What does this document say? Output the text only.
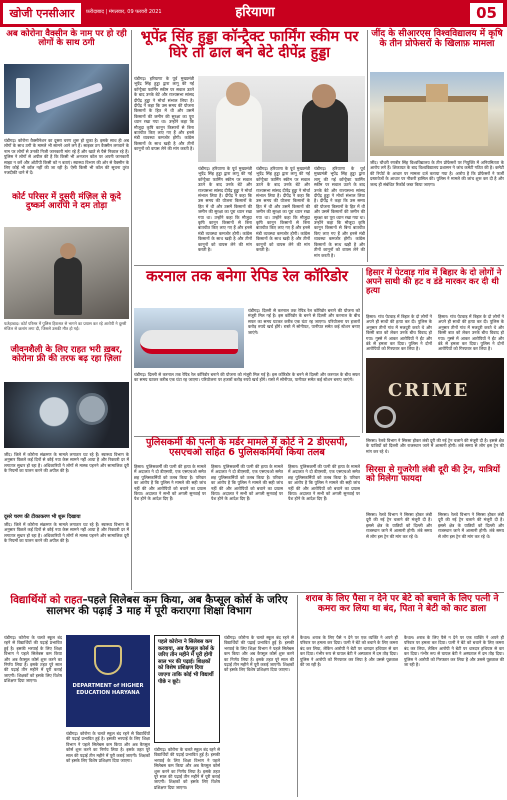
खोजी एनसीआर	फ़रीदाबाद | मंगलवार, 09 फरवरी 2021	हरियाणा	05
अब कोरोना वैक्सीन के नाम पर हो रही लोगों के साथ ठगी
चंडीगढ़। कोरोना वैक्सीनेशन का दूसरा चरण शुरू हो चुका है। इसके साथ ही अब लोगों के साथ ठगी के मामले भी सामने आने लगे हैं। साइबर ठग वैक्सीन लगवाने के नाम पर लोगों से उनकी निजी जानकारी मांग रहे हैं और खाते से पैसे निकाल रहे हैं। पुलिस ने लोगों से अपील की है कि किसी भी अनजान कॉल पर अपनी जानकारी साझा न करें और ओटीपी किसी को न बताएं। स्वास्थ्य विभाग की ओर से वैक्सीन के लिए कोई भी कॉल नहीं की जा रही है। ऐसी किसी भी कॉल की सूचना तुरंत नजदीकी थाने में दें।
कोर्ट परिसर में दूसरी मंज़िल से कूदे दुष्कर्म आरोपी ने दम तोड़ा
फतेहाबाद। कोर्ट परिसर में पुलिस हिरासत से भागने का प्रयास कर रहे आरोपी ने दूसरी मंजिल से छलांग लगा दी, जिससे उसकी मौत हो गई।
जीवनशैली के लिए राहत भरी ख़बर, कोरोना फ्री की तरफ बढ़ रहा ज़िला
जींद। जिले में कोरोना संक्रमण के मामले लगातार घट रहे हैं। स्वास्थ्य विभाग के अनुसार पिछले कई दिनों से कोई नया केस सामने नहीं आया है और रिकवरी दर में लगातार सुधार हो रहा है। अधिकारियों ने लोगों से मास्क पहनने और सामाजिक दूरी के नियमों का पालन करने की अपील की है।
दूसरे चरण की टीकाकरण भी शुरू दिखाया
जींद। जिले में कोरोना संक्रमण के मामले लगातार घट रहे हैं। स्वास्थ्य विभाग के अनुसार पिछले कई दिनों से कोई नया केस सामने नहीं आया है और रिकवरी दर में लगातार सुधार हो रहा है। अधिकारियों ने लोगों से मास्क पहनने और सामाजिक दूरी के नियमों का पालन करने की अपील की है।
भूपेंद्र सिंह हुड्डा कॉन्ट्रैक्ट फार्मिंग स्कीम पर घिरे तो ढाल बने बेटे दीपेंद्र हुड्डा
चंडीगढ़। हरियाणा के पूर्व मुख्यमंत्री भूपेंद्र सिंह हुड्डा द्वारा लागू की गई कॉन्ट्रैक्ट फार्मिंग स्कीम पर सवाल उठने के बाद उनके बेटे और राज्यसभा सांसद दीपेंद्र हुड्डा ने मोर्चा संभाल लिया है। दीपेंद्र ने कहा कि उस समय की योजना किसानों के हित में थी और उसमें किसानों की जमीन की सुरक्षा का पूरा ध्यान रखा गया था। उन्होंने कहा कि मौजूदा कृषि कानून किसानों से बिना बातचीत किए लाए गए हैं और इनसे मंडी व्यवस्था कमजोर होगी। कांग्रेस किसानों के साथ खड़ी है और तीनों कानूनों को वापस लेने की मांग करती है।
चंडीगढ़। हरियाणा के पूर्व मुख्यमंत्री भूपेंद्र सिंह हुड्डा द्वारा लागू की गई कॉन्ट्रैक्ट फार्मिंग स्कीम पर सवाल उठने के बाद उनके बेटे और राज्यसभा सांसद दीपेंद्र हुड्डा ने मोर्चा संभाल लिया है। दीपेंद्र ने कहा कि उस समय की योजना किसानों के हित में थी और उसमें किसानों की जमीन की सुरक्षा का पूरा ध्यान रखा गया था। उन्होंने कहा कि मौजूदा कृषि कानून किसानों से बिना बातचीत किए लाए गए हैं और इनसे मंडी व्यवस्था कमजोर होगी। कांग्रेस किसानों के साथ खड़ी है और तीनों कानूनों को वापस लेने की मांग करती है।
चंडीगढ़। हरियाणा के पूर्व मुख्यमंत्री भूपेंद्र सिंह हुड्डा द्वारा लागू की गई कॉन्ट्रैक्ट फार्मिंग स्कीम पर सवाल उठने के बाद उनके बेटे और राज्यसभा सांसद दीपेंद्र हुड्डा ने मोर्चा संभाल लिया है। दीपेंद्र ने कहा कि उस समय की योजना किसानों के हित में थी और उसमें किसानों की जमीन की सुरक्षा का पूरा ध्यान रखा गया था। उन्होंने कहा कि मौजूदा कृषि कानून किसानों से बिना बातचीत किए लाए गए हैं और इनसे मंडी व्यवस्था कमजोर होगी। कांग्रेस किसानों के साथ खड़ी है और तीनों कानूनों को वापस लेने की मांग करती है।
चंडीगढ़। हरियाणा के पूर्व मुख्यमंत्री भूपेंद्र सिंह हुड्डा द्वारा लागू की गई कॉन्ट्रैक्ट फार्मिंग स्कीम पर सवाल उठने के बाद उनके बेटे और राज्यसभा सांसद दीपेंद्र हुड्डा ने मोर्चा संभाल लिया है। दीपेंद्र ने कहा कि उस समय की योजना किसानों के हित में थी और उसमें किसानों की जमीन की सुरक्षा का पूरा ध्यान रखा गया था। उन्होंने कहा कि मौजूदा कृषि कानून किसानों से बिना बातचीत किए लाए गए हैं और इनसे मंडी व्यवस्था कमजोर होगी। कांग्रेस किसानों के साथ खड़ी है और तीनों कानूनों को वापस लेने की मांग करती है।
जींद के सीआरएस विश्वविद्यालय में कृषि के तीन प्रोफेसरों के खिलाफ़ मामला
जींद। चौधरी रणबीर सिंह विश्वविद्यालय के तीन प्रोफेसरों पर नियुक्ति में अनियमितता के आरोप लगे हैं। शिकायत के बाद विश्वविद्यालय प्रशासन ने जांच कमेटी गठित की है। कमेटी की रिपोर्ट के आधार पर मामला दर्ज कराया गया है। आरोप है कि प्रोफेसरों ने फर्जी दस्तावेजों के आधार पर नौकरी हासिल की। पुलिस ने मामले की जांच शुरू कर दी है और जल्द ही संबंधित रिकॉर्ड जब्त किया जाएगा।
करनाल तक बनेगा रेपिड रेल कॉरिडोर
चंडीगढ़। दिल्ली से करनाल तक रेपिड रेल कॉरिडोर बनाने की योजना को मंजूरी मिल गई है। इस कॉरिडोर के बनने से दिल्ली और करनाल के बीच सफर का समय घटकर करीब एक घंटा रह जाएगा। परियोजना पर हजारों करोड़ रुपये खर्च होंगे। रास्ते में सोनीपत, पानीपत समेत कई स्टेशन बनाए जाएंगे।
चंडीगढ़। दिल्ली से करनाल तक रेपिड रेल कॉरिडोर बनाने की योजना को मंजूरी मिल गई है। इस कॉरिडोर के बनने से दिल्ली और करनाल के बीच सफर का समय घटकर करीब एक घंटा रह जाएगा। परियोजना पर हजारों करोड़ रुपये खर्च होंगे। रास्ते में सोनीपत, पानीपत समेत कई स्टेशन बनाए जाएंगे।
हिसार में पेटवाड़ गांव में बिहार के दो लोगों ने अपने साथी की हट व डंडे मारकर कर दी थी हत्या
हिसार। गांव पेटवाड़ में बिहार के दो लोगों ने अपने ही साथी की हत्या कर दी। पुलिस के अनुसार तीनों गांव में मजदूरी करते थे और किसी बात को लेकर उनके बीच विवाद हो गया। गुस्से में आकर आरोपियों ने ईंट और डंडे से हमला कर दिया। पुलिस ने दोनों आरोपियों को गिरफ्तार कर लिया है।
हिसार। गांव पेटवाड़ में बिहार के दो लोगों ने अपने ही साथी की हत्या कर दी। पुलिस के अनुसार तीनों गांव में मजदूरी करते थे और किसी बात को लेकर उनके बीच विवाद हो गया। गुस्से में आकर आरोपियों ने ईंट और डंडे से हमला कर दिया। पुलिस ने दोनों आरोपियों को गिरफ्तार कर लिया है।
CRIME
पुलिसकर्मी की पत्नी के मर्डर मामले में कोर्ट ने 2 डीएसपी, एसएचओ सहित 6 पुलिसकर्मियों किया तलब
हिसार। पुलिसकर्मी की पत्नी की हत्या के मामले में अदालत ने दो डीएसपी, एक एसएचओ समेत छह पुलिसकर्मियों को तलब किया है। परिवार का आरोप है कि पुलिस ने मामले की सही जांच नहीं की और आरोपियों को बचाने का प्रयास किया। अदालत ने सभी को अगली सुनवाई पर पेश होने के आदेश दिए हैं।
हिसार। पुलिसकर्मी की पत्नी की हत्या के मामले में अदालत ने दो डीएसपी, एक एसएचओ समेत छह पुलिसकर्मियों को तलब किया है। परिवार का आरोप है कि पुलिस ने मामले की सही जांच नहीं की और आरोपियों को बचाने का प्रयास किया। अदालत ने सभी को अगली सुनवाई पर पेश होने के आदेश दिए हैं।
हिसार। पुलिसकर्मी की पत्नी की हत्या के मामले में अदालत ने दो डीएसपी, एक एसएचओ समेत छह पुलिसकर्मियों को तलब किया है। परिवार का आरोप है कि पुलिस ने मामले की सही जांच नहीं की और आरोपियों को बचाने का प्रयास किया। अदालत ने सभी को अगली सुनवाई पर पेश होने के आदेश दिए हैं।
सिरसा। रेलवे विभाग ने सिरसा होकर लंबी दूरी की नई ट्रेन चलाने की मंजूरी दी है। इससे क्षेत्र के यात्रियों को दिल्ली और राजस्थान जाने में आसानी होगी। लंबे समय से लोग इस ट्रेन की मांग कर रहे थे।
सिरसा से गुजरेगी लंबी दूरी की ट्रेन, यात्रियों को मिलेगा फायदा
सिरसा। रेलवे विभाग ने सिरसा होकर लंबी दूरी की नई ट्रेन चलाने की मंजूरी दी है। इससे क्षेत्र के यात्रियों को दिल्ली और राजस्थान जाने में आसानी होगी। लंबे समय से लोग इस ट्रेन की मांग कर रहे थे।
सिरसा। रेलवे विभाग ने सिरसा होकर लंबी दूरी की नई ट्रेन चलाने की मंजूरी दी है। इससे क्षेत्र के यात्रियों को दिल्ली और राजस्थान जाने में आसानी होगी। लंबे समय से लोग इस ट्रेन की मांग कर रहे थे।
शराब के लिए पैसा न देने पर बेटे को बचाने के लिए पत्नी ने कमरा कर लिया था बंद, पिता ने बेटी को काट डाला
कैथल। शराब के लिए पैसे न देने पर एक व्यक्ति ने अपने ही परिवार पर हमला कर दिया। पत्नी ने बेटे को बचाने के लिए कमरा बंद कर लिया, लेकिन आरोपी ने बेटी पर धारदार हथियार से वार कर दिया। गंभीर रूप से घायल बेटी ने अस्पताल में दम तोड़ दिया। पुलिस ने आरोपी को गिरफ्तार कर लिया है और उससे पूछताछ की जा रही है।
कैथल। शराब के लिए पैसे न देने पर एक व्यक्ति ने अपने ही परिवार पर हमला कर दिया। पत्नी ने बेटे को बचाने के लिए कमरा बंद कर लिया, लेकिन आरोपी ने बेटी पर धारदार हथियार से वार कर दिया। गंभीर रूप से घायल बेटी ने अस्पताल में दम तोड़ दिया। पुलिस ने आरोपी को गिरफ्तार कर लिया है और उससे पूछताछ की जा रही है।
विद्यार्थियों को राहत–पहले सिलेबस कम किया, अब कैप्सूल कोर्स के जरिए सालभर की पढ़ाई 3 माह में पूरी कराएगा शिक्षा विभाग
चंडीगढ़। कोरोना के चलते स्कूल बंद रहने से विद्यार्थियों की पढ़ाई प्रभावित हुई है। इसकी भरपाई के लिए शिक्षा विभाग ने पहले सिलेबस कम किया और अब कैप्सूल कोर्स शुरू करने का निर्णय लिया है। इसके तहत पूरे साल की पढ़ाई तीन महीने में पूरी कराई जाएगी। शिक्षकों को इसके लिए विशेष प्रशिक्षण दिया जाएगा।
DEPARTMENT of HIGHER EDUCATION HARYANA
चंडीगढ़। कोरोना के चलते स्कूल बंद रहने से विद्यार्थियों की पढ़ाई प्रभावित हुई है। इसकी भरपाई के लिए शिक्षा विभाग ने पहले सिलेबस कम किया और अब कैप्सूल कोर्स शुरू करने का निर्णय लिया है। इसके तहत पूरे साल की पढ़ाई तीन महीने में पूरी कराई जाएगी। शिक्षकों को इसके लिए विशेष प्रशिक्षण दिया जाएगा।
पहले कोरोना ने सिलेबस कम करवाया, अब कैप्सूल कोर्स के जरिए तीन महीने में पूरी होगी साल भर की पढ़ाई। शिक्षकों को विशेष प्रशिक्षण दिया जाएगा ताकि कोई भी विद्यार्थी पीछे न छूटे।
चंडीगढ़। कोरोना के चलते स्कूल बंद रहने से विद्यार्थियों की पढ़ाई प्रभावित हुई है। इसकी भरपाई के लिए शिक्षा विभाग ने पहले सिलेबस कम किया और अब कैप्सूल कोर्स शुरू करने का निर्णय लिया है। इसके तहत पूरे साल की पढ़ाई तीन महीने में पूरी कराई जाएगी। शिक्षकों को इसके लिए विशेष प्रशिक्षण दिया जाएगा।
चंडीगढ़। कोरोना के चलते स्कूल बंद रहने से विद्यार्थियों की पढ़ाई प्रभावित हुई है। इसकी भरपाई के लिए शिक्षा विभाग ने पहले सिलेबस कम किया और अब कैप्सूल कोर्स शुरू करने का निर्णय लिया है। इसके तहत पूरे साल की पढ़ाई तीन महीने में पूरी कराई जाएगी। शिक्षकों को इसके लिए विशेष प्रशिक्षण दिया जाएगा।
